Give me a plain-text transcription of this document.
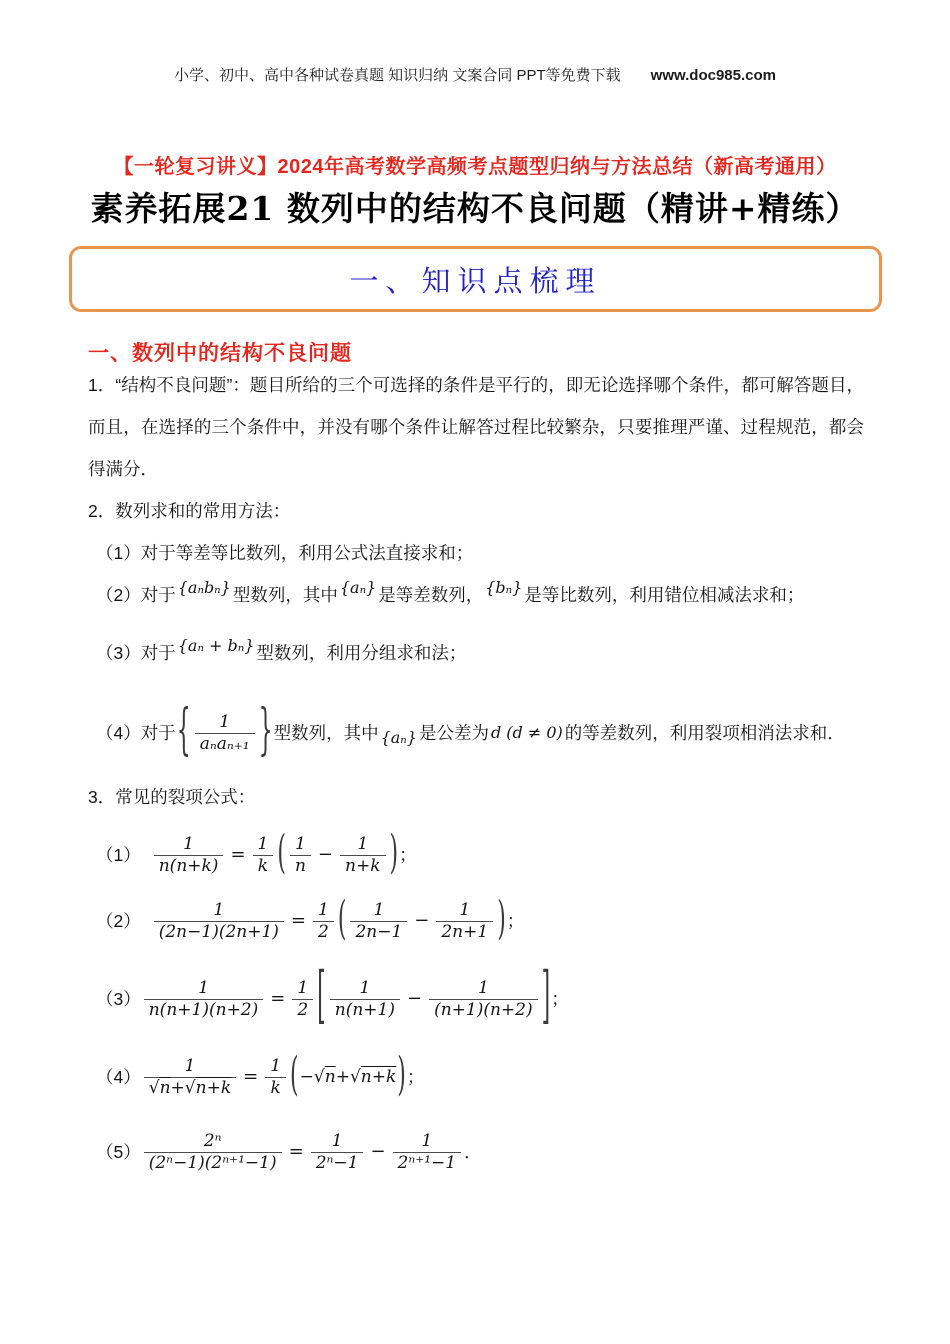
小学、初中、高中各种试卷真题 知识归纳 文案合同 PPT等免费下载 www.doc985.com
【一轮复习讲义】2024年高考数学高频考点题型归纳与方法总结（新高考通用）
素养拓展21 数列中的结构不良问题（精讲+精练）
一、知识点梳理
一、数列中的结构不良问题
1．“结构不良问题”：题目所给的三个可选择的条件是平行的，即无论选择哪个条件，都可解答题目，而且，在选择的三个条件中，并没有哪个条件让解答过程比较繁杂，只要推理严谨、过程规范，都会得满分．
2．数列求和的常用方法：
（1）对于等差等比数列，利用公式法直接求和；
（2）对于 {aₙbₙ} 型数列，其中 {aₙ} 是等差数列， {bₙ} 是等比数列，利用错位相减法求和；
（3）对于 {aₙ + bₙ} 型数列，利用分组求和法；
（4） 对于 { $\frac{1}{\text{aₙaₙ₊₁}}$ } 型数列，其中 {aₙ} 是公差为 d (d ≠ 0) 的等差数列，利用裂项相消法求和．
3．常见的裂项公式：
$(1) \frac{1}{n(n+k)} = \frac{1}{k}$ ( $\frac{1}{n} - \frac{1}{n+k}$ ) ；
$(2) \frac{1}{(2n-1)(2n+1)} = \frac{1}{2}$ ( $\frac{1}{2n-1} - \frac{1}{2n+1}$ ) ；
$(3) \frac{1}{n(n+1)(n+2)} = \frac{1}{2}$ [ $\frac{1}{n(n+1)} - \frac{1}{(n+1)(n+2)}$ ] ；
$(4) \frac{1}{√n+√n+k} = \frac{1}{k}$ ( −√n+√n+k ) ；
$(5) \frac{\text{2ⁿ}}{\text{(2ⁿ−1)(2ⁿ⁺¹−1)}} = \frac{1}{\text{2ⁿ−1}} - \frac{1}{\text{2ⁿ⁺¹−1}}$ ．
